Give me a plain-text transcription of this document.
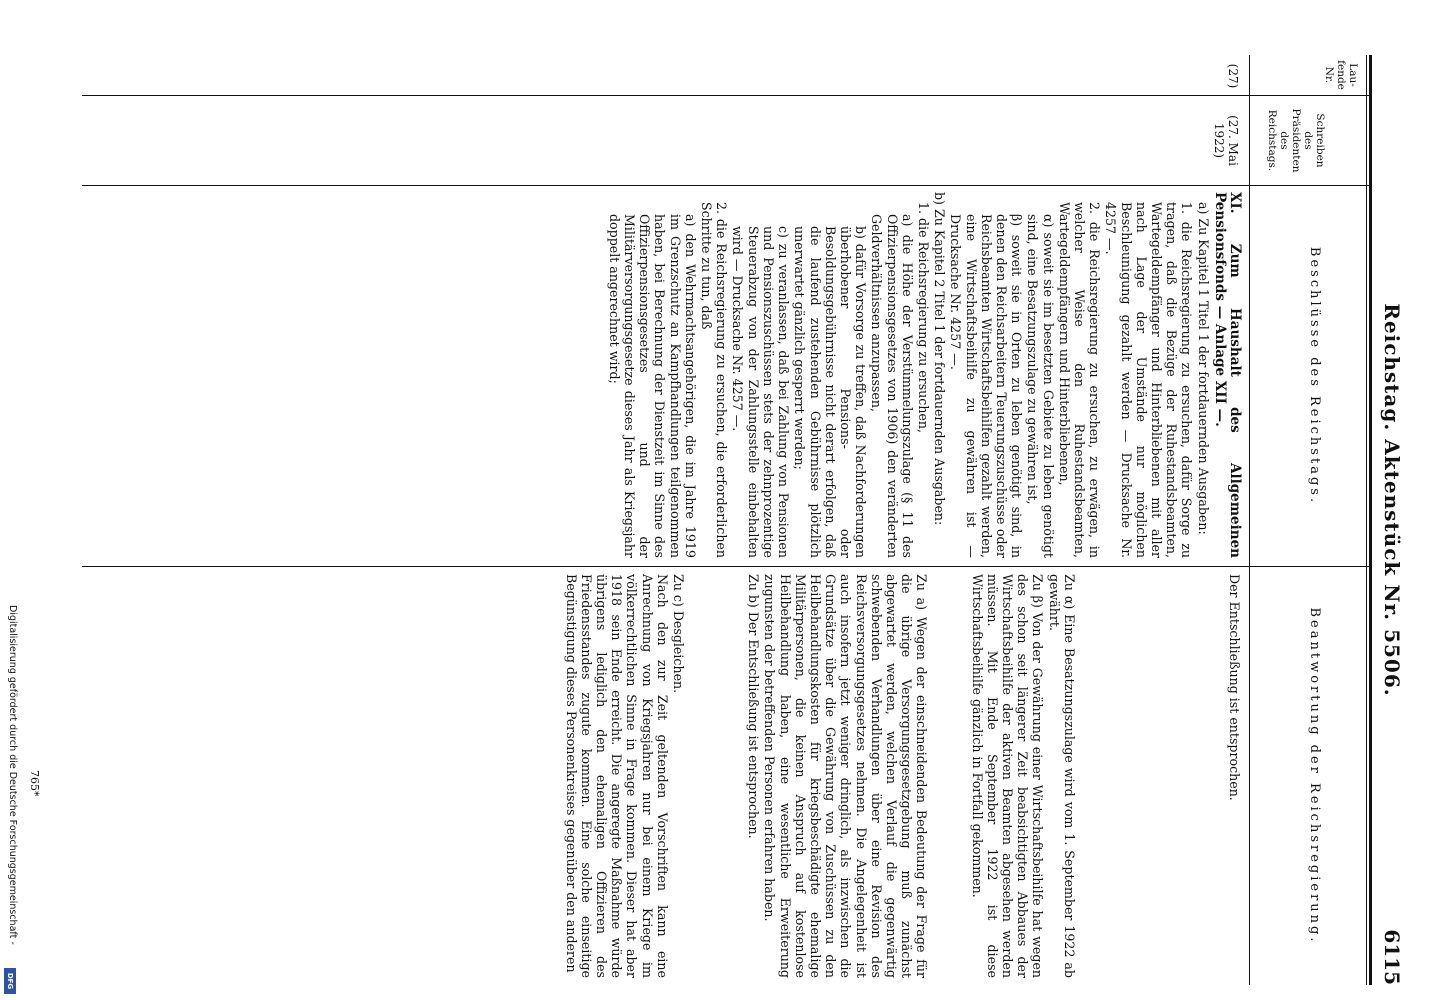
Reichstag. Aktenstück Nr. 5506.
6115
Lau-
fende
Nr.
Schreiben
des
Präsidenten
des
Reichstags.
Beschlüsse des Reichstags.
Beantwortung der Reichsregierung.
(27)
(27. Mai
1922)

XI. Zum Haushalt des Allgemeinen Pensionsfonds — Anlage XII —.

a) Zu Kapitel 1 Titel 1 der fortdauernden Ausgaben:

1. die Reichsregierung zu ersuchen, dafür Sorge zu tragen, daß die Bezüge der Ruhestandsbeamten, Wartegeldempfänger und Hinterbliebenen mit aller nach Lage der Umstände nur möglichen Beschleunigung gezahlt werden — Drucksache Nr. 4257 —.

2. die Reichsregierung zu ersuchen, zu erwägen, in welcher Weise den Ruhestandsbeamten, Wartegeldempfängern und Hinterbliebenen,

α) soweit sie im besetzten Gebiete zu leben genötigt sind, eine Besatzungszulage zu gewähren ist,

β) soweit sie in Orten zu leben genötigt sind, in denen den Reichsarbeitern Teuerungszuschüsse oder Reichsbeamten Wirtschaftsbeihilfen gezahlt werden, eine Wirtschaftsbeihilfe zu gewähren ist — Drucksache Nr. 4257 —.

b) Zu Kapitel 2 Titel 1 der fortdauernden Ausgaben:

1. die Reichsregierung zu ersuchen,

a) die Höhe der Verstümmelungszulage (§ 11 des Offizierpensionsgesetzes von 1906) den veränderten Geldverhältnissen anzupassen,

b) dafür Vorsorge zu treffen, daß Nachforderungen überhobener Pensions- oder Besoldungsgebührnisse nicht derart erfolgen, daß die laufend zustehenden Gebührnisse plötzlich unerwartet gänzlich gesperrt werden;

c) zu veranlassen, daß bei Zahlung von Pensionen und Pensionszuschüssen stets der zehnprozentige Steuerabzug von der Zahlungsstelle einbehalten wird — Drucksache Nr. 4257 —.

2. die Reichsregierung zu ersuchen, die erforderlichen Schritte zu tun, daß

a) den Wehrmachtsangehörigen, die im Jahre 1919 im Grenzschutz an Kampfhandlungen teilgenommen haben, bei Berechnung der Dienstzeit im Sinne des Offizierpensionsgesetzes und der Militärversorgungsgesetze dieses Jahr als Kriegsjahr doppelt angerechnet wird;

Der Entschließung ist entsprochen.

Zu α) Eine Besatzungszulage wird vom 1. September 1922 ab gewährt.

Zu β) Von der Gewährung einer Wirtschaftsbeihilfe hat wegen des schon seit längerer Zeit beabsichtigten Abbaues der Wirtschaftsbeihilfe der aktiven Beamten abgesehen werden müssen. Mit Ende September 1922 ist diese Wirtschaftsbeihilfe gänzlich in Fortfall gekommen.

Zu a) Wegen der einschneidenden Bedeutung der Frage für die übrige Versorgungsgesetzgebung muß zunächst abgewartet werden, welchen Verlauf die gegenwärtig schwebenden Verhandlungen über eine Revision des Reichsversorgungsgesetzes nehmen. Die Angelegenheit ist auch insofern jetzt weniger dringlich, als inzwischen die Grundsätze über die Gewährung von Zuschüssen zu den Heilbehandlungskosten für kriegsbeschädigte ehemalige Militärpersonen, die keinen Anspruch auf kostenlose Heilbehandlung haben, eine wesentliche Erweiterung zugunsten der betreffenden Personen erfahren haben.

Zu b) Der Entschließung ist entsprochen.

Zu c) Desgleichen.

Nach den zur Zeit geltenden Vorschriften kann eine Anrechnung von Kriegsjahren nur bei einem Kriege im völkerrechtlichen Sinne in Frage kommen. Dieser hat aber 1918 sein Ende erreicht. Die angeregte Maßnahme würde übrigens lediglich den ehemaligen Offizieren des Friedensstandes zugute kommen. Eine solche einseitige Begünstigung dieses Personenkreises gegenüber den anderen

765*
Digitalisierung gefördert durch die Deutsche Forschungsgemeinschaft -
DFG
